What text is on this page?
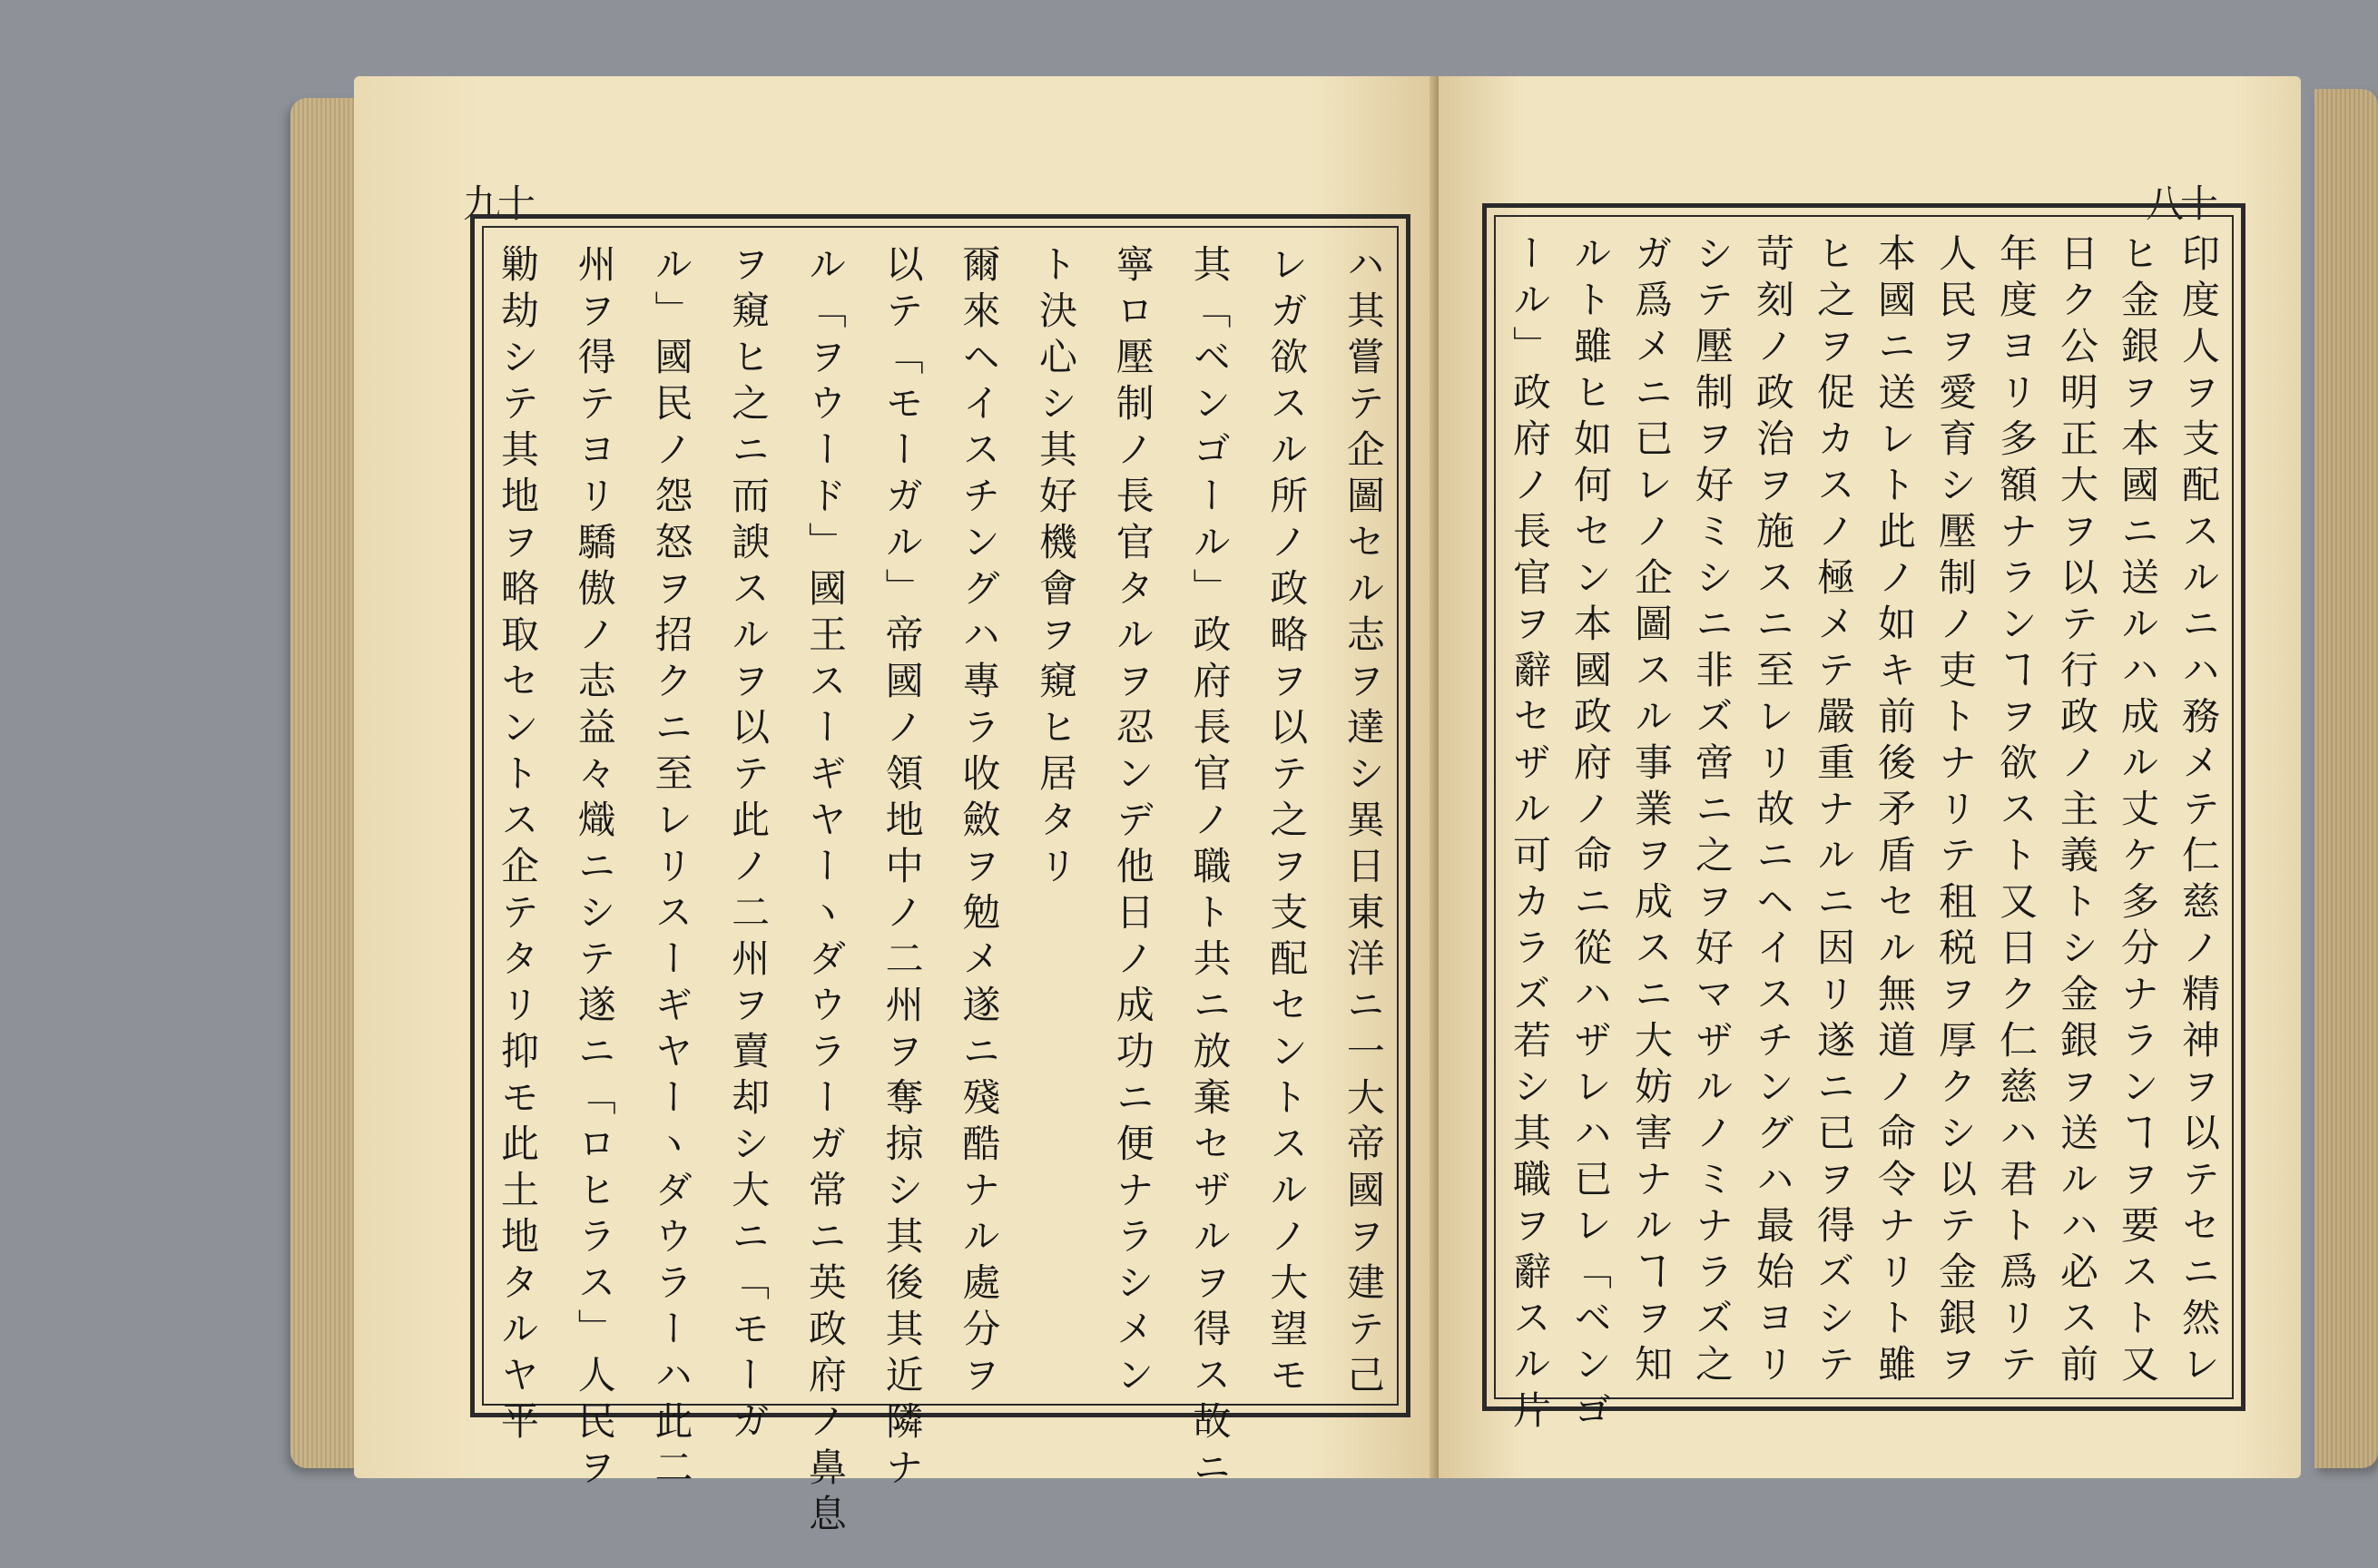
九十
ハ其嘗テ企圖セル志ヲ達シ異日東洋ニ一大帝國ヲ建テ己
レガ欲スル所ノ政略ヲ以テ之ヲ支配セントスルノ大望モ
其「ベンゴール」政府長官ノ職ト共ニ放棄セザルヲ得ス故ニ
寧ロ壓制ノ長官タルヲ忍ンデ他日ノ成功ニ便ナラシメン
ト決心シ其好機會ヲ窺ヒ居タリ
爾來ヘイスチングハ專ラ收斂ヲ勉メ遂ニ殘酷ナル處分ヲ
以テ「モーガル」帝國ノ領地中ノ二州ヲ奪掠シ其後其近隣ナ
ル「ヲウード」國王スーギヤーヽダウラーガ常ニ英政府ノ鼻息
ヲ窺ヒ之ニ而諛スルヲ以テ此ノ二州ヲ賣却シ大ニ「モーガ
ル」國民ノ怨怒ヲ招クニ至レリスーギヤーヽダウラーハ此二
州ヲ得テヨリ驕傲ノ志益々熾ニシテ遂ニ「ロヒラス」人民ヲ
勦劫シテ其地ヲ略取セントス企テタリ抑モ此土地タルヤ平
八十
印度人ヲ支配スルニハ務メテ仁慈ノ精神ヲ以テセニ然レ
ヒ金銀ヲ本國ニ送ルハ成ル丈ケ多分ナランヿヲ要スト又
日ク公明正大ヲ以テ行政ノ主義トシ金銀ヲ送ルハ必ス前
年度ヨリ多額ナランヿヲ欲スト又日ク仁慈ハ君ト爲リテ
人民ヲ愛育シ壓制ノ吏トナリテ租税ヲ厚クシ以テ金銀ヲ
本國ニ送レト此ノ如キ前後矛盾セル無道ノ命令ナリト雖
ヒ之ヲ促カスノ極メテ嚴重ナルニ因リ遂ニ已ヲ得ズシテ
苛刻ノ政治ヲ施スニ至レリ故ニヘイスチングハ最始ヨリ
シテ壓制ヲ好ミシニ非ズ啻ニ之ヲ好マザルノミナラズ之
ガ爲メニ已レノ企圖スル事業ヲ成スニ大妨害ナルヿヲ知
ルト雖ヒ如何セン本國政府ノ命ニ從ハザレハ已レ「ベンゴ
ール」政府ノ長官ヲ辭セザル可カラズ若シ其職ヲ辭スル片
